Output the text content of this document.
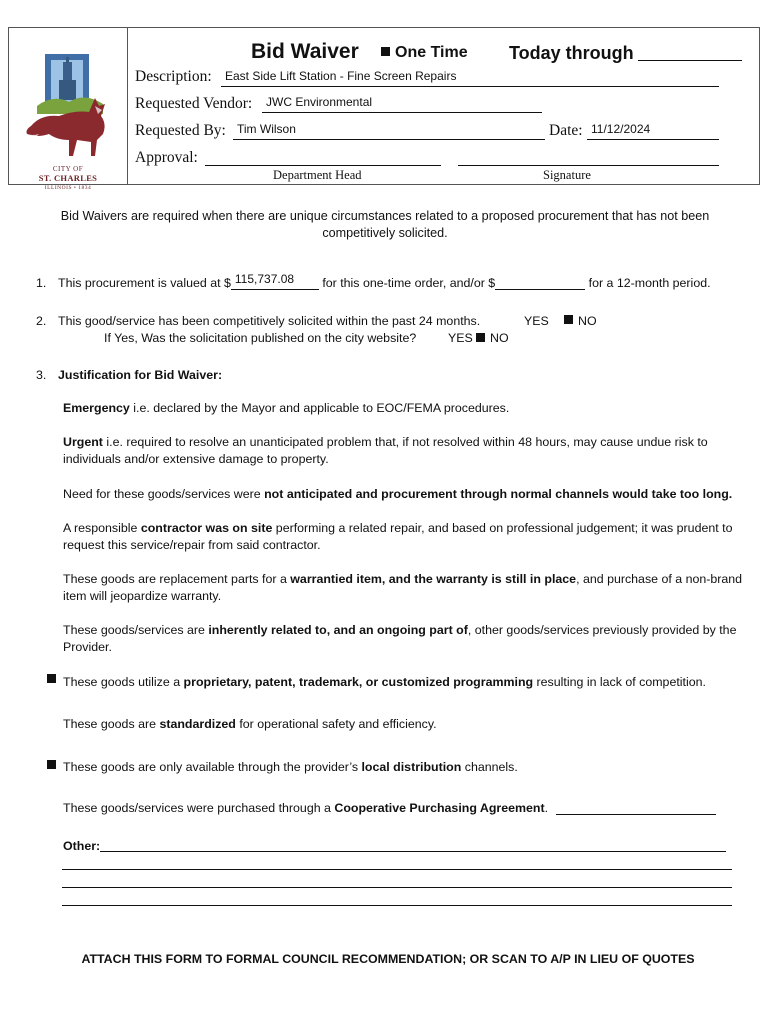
CITY OF
ST. CHARLES
ILLINOIS • 1834
Bid Waiver	One Time Today through
Description: East Side Lift Station - Fine Screen Repairs
Requested Vendor: JWC Environmental
Requested By: Tim Wilson	Date: 11/12/2024
Approval:
Department Head	Signature
Bid Waivers are required when there are unique circumstances related to a proposed procurement that has not been competitively solicited.
1. This procurement is valued at $ 115,737.08 for this one-time order, and/or $	for a 12-month period.
2. This good/service has been competitively solicited within the past 24 months.	YES NO
If Yes, Was the solicitation published on the city website?	YES NO
3. Justification for Bid Waiver:
Emergency i.e. declared by the Mayor and applicable to EOC/FEMA procedures.
Urgent i.e. required to resolve an unanticipated problem that, if not resolved within 48 hours, may cause undue risk to individuals and/or extensive damage to property.
Need for these goods/services were not anticipated and procurement through normal channels would take too long.
A responsible contractor was on site performing a related repair, and based on professional judgement; it was prudent to request this service/repair from said contractor.
These goods are replacement parts for a warrantied item, and the warranty is still in place, and purchase of a non-brand item will jeopardize warranty.
These goods/services are inherently related to, and an ongoing part of, other goods/services previously provided by the Provider.
These goods utilize a proprietary, patent, trademark, or customized programming resulting in lack of competition.
These goods are standardized for operational safety and efficiency.
These goods are only available through the provider’s local distribution channels.
These goods/services were purchased through a Cooperative Purchasing Agreement.
Other:
ATTACH THIS FORM TO FORMAL COUNCIL RECOMMENDATION; OR SCAN TO A/P IN LIEU OF QUOTES
